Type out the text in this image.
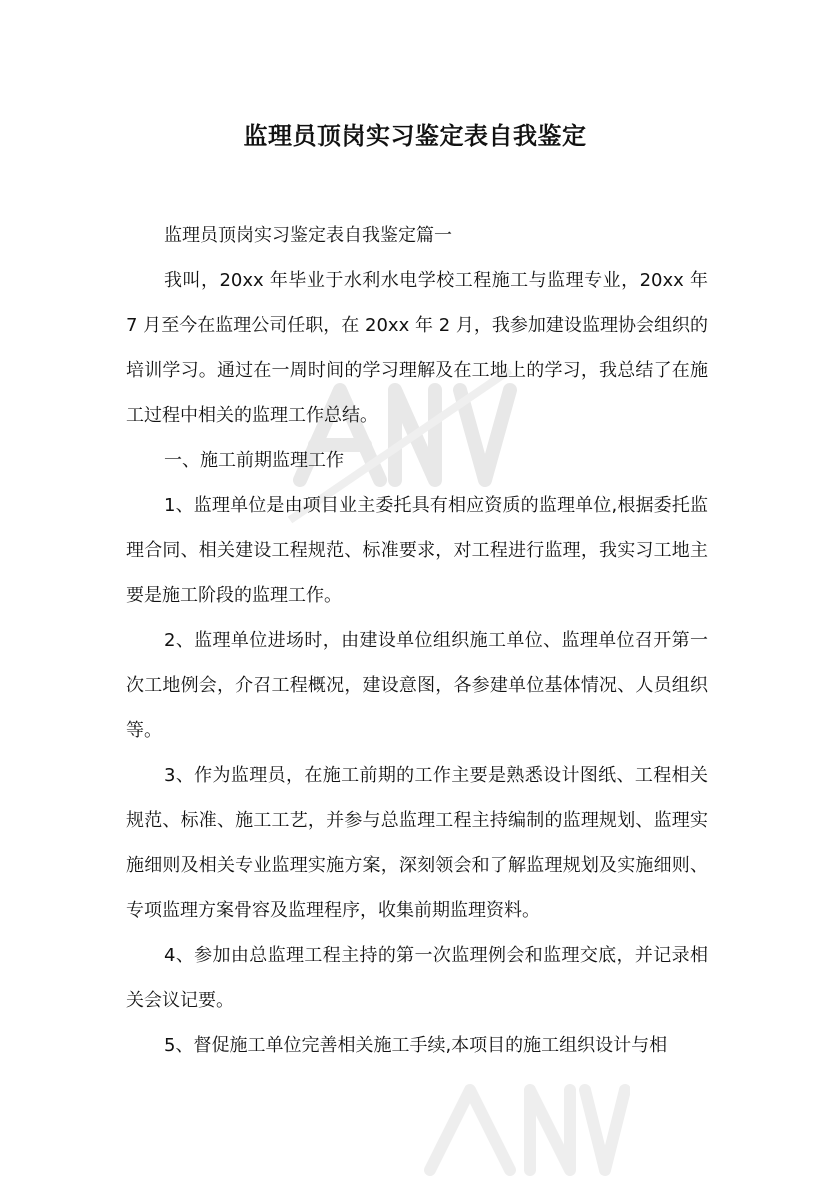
监理员顶岗实习鉴定表自我鉴定

监理员顶岗实习鉴定表自我鉴定篇一

我叫，20xx 年毕业于水利水电学校工程施工与监理专业，20xx 年 7 月至今在监理公司任职，在 20xx 年 2 月，我参加建设监理协会组织的培训学习。通过在一周时间的学习理解及在工地上的学习，我总结了在施工过程中相关的监理工作总结。

一、施工前期监理工作

1、监理单位是由项目业主委托具有相应资质的监理单位,根据委托监理合同、相关建设工程规范、标准要求，对工程进行监理，我实习工地主要是施工阶段的监理工作。

2、监理单位进场时，由建设单位组织施工单位、监理单位召开第一次工地例会，介召工程概况，建设意图，各参建单位基体情况、人员组织等。

3、作为监理员，在施工前期的工作主要是熟悉设计图纸、工程相关规范、标准、施工工艺，并参与总监理工程主持编制的监理规划、监理实施细则及相关专业监理实施方案，深刻领会和了解监理规划及实施细则、专项监理方案骨容及监理程序，收集前期监理资料。

4、参加由总监理工程主持的第一次监理例会和监理交底，并记录相关会议记要。

5、督促施工单位完善相关施工手续,本项目的施工组织设计与相
